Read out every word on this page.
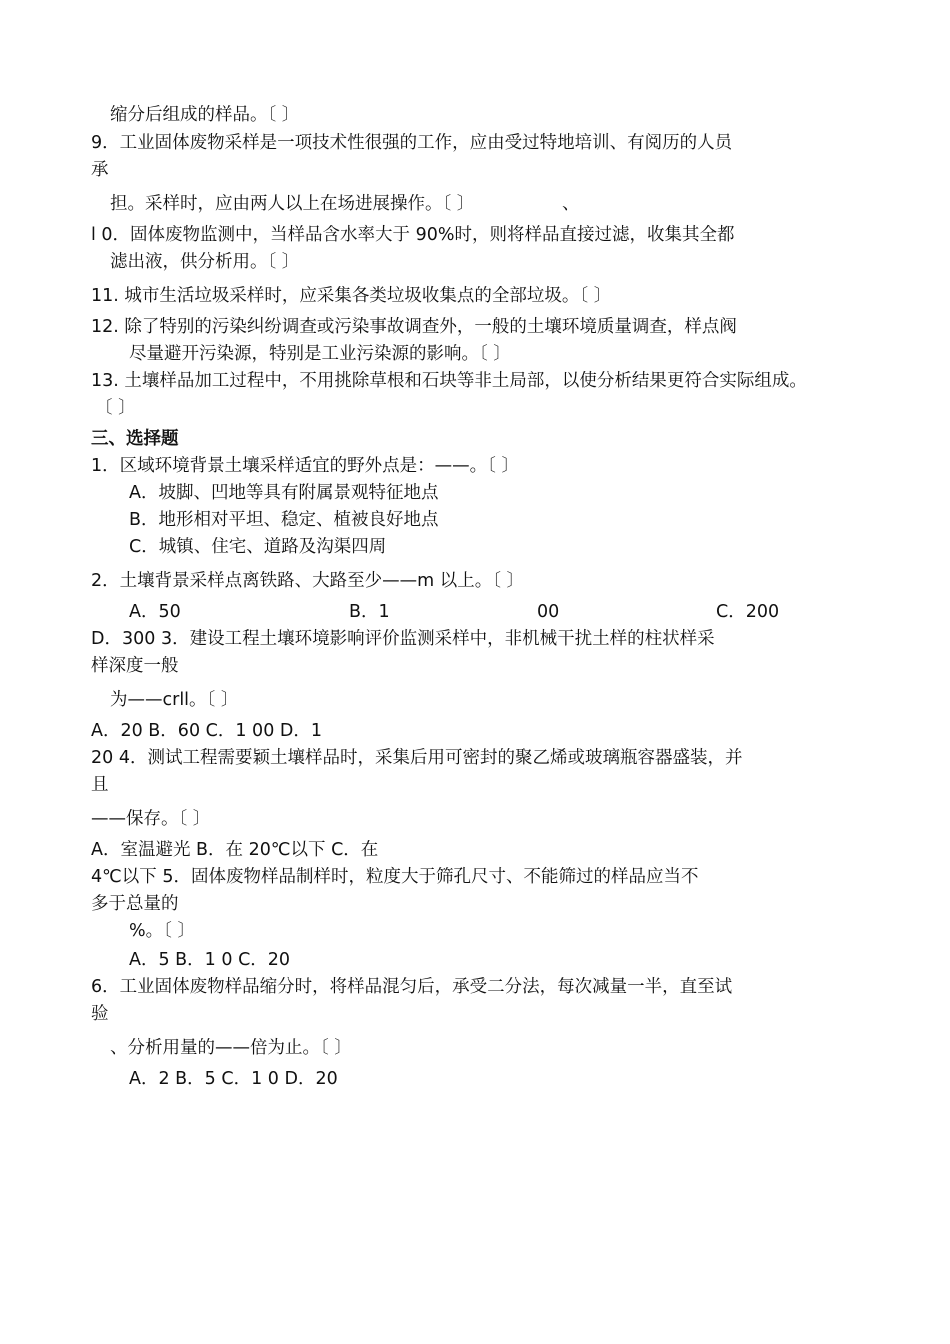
缩分后组成的样品。〔 〕
9．工业固体废物采样是一项技术性很强的工作，应由受过特地培训、有阅历的人员
承
担。采样时，应由两人以上在场进展操作。〔 〕	、
l 0．固体废物监测中，当样品含水率大于 90%时，则将样品直接过滤，收集其全都
滤出液，供分析用。〔 〕
11. 城市生活垃圾采样时，应采集各类垃圾收集点的全部垃圾。〔 〕
12. 除了特别的污染纠纷调查或污染事故调查外，一般的土壤环境质量调查，样点阀
尽量避开污染源，特别是工业污染源的影响。〔 〕
13. 土壤样品加工过程中，不用挑除草根和石块等非土局部，以使分析结果更符合实际组成。
〔 〕
三、选择题
1．区域环境背景土壤采样适宜的野外点是：——。〔 〕
A．坡脚、凹地等具有附属景观特征地点
B．地形相对平坦、稳定、植被良好地点
C．城镇、住宅、道路及沟渠四周
2．土壤背景采样点离铁路、大路至少——m 以上。〔 〕
A．50	B．1	00	C．200
D．300 3．建设工程土壤环境影响评价监测采样中，非机械干扰土样的柱状样采
样深度一般
为——crll。〔 〕
A．20 B．60 C．1 00 D．1
20 4．测试工程需要颖土壤样品时，采集后用可密封的聚乙烯或玻璃瓶容器盛装，并
且
——保存。〔 〕
A．室温避光 B．在 20℃以下 C．在
4℃以下 5．固体废物样品制样时，粒度大于筛孔尺寸、不能筛过的样品应当不
多于总量的
%。〔 〕
A．5 B．1 0 C．20
6．工业固体废物样品缩分时，将样品混匀后，承受二分法，每次减量一半，直至试
验
、分析用量的——倍为止。〔 〕
A．2 B．5 C．1 0 D．20
